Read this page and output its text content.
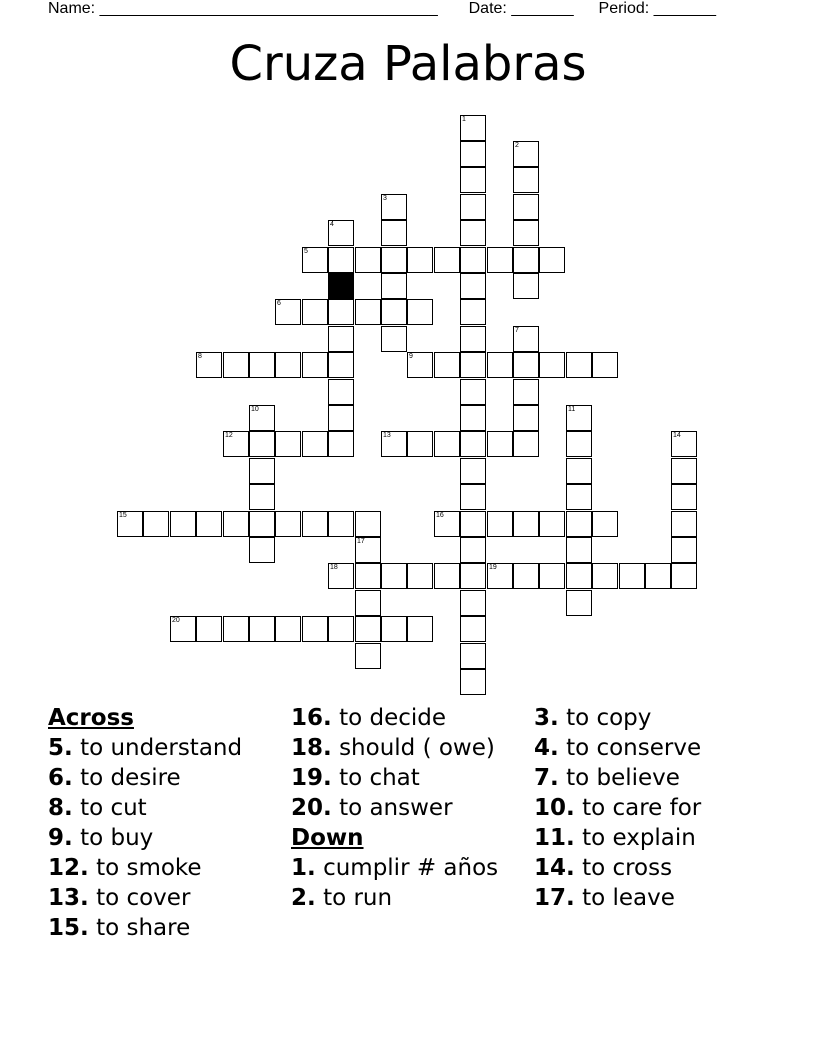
Name: ______________________________________ Date: _______ Period: _______
Cruza Palabras
1
2
3
4
5
6
7
8	9
10	11
12	13	14
15	16
17
18	19
20
Across
5. to understand
6. to desire
8. to cut
9. to buy
12. to smoke
13. to cover
15. to share
16. to decide
18. should ( owe)
19. to chat
20. to answer
Down
1. cumplir # años
2. to run
3. to copy
4. to conserve
7. to believe
10. to care for
11. to explain
14. to cross
17. to leave
